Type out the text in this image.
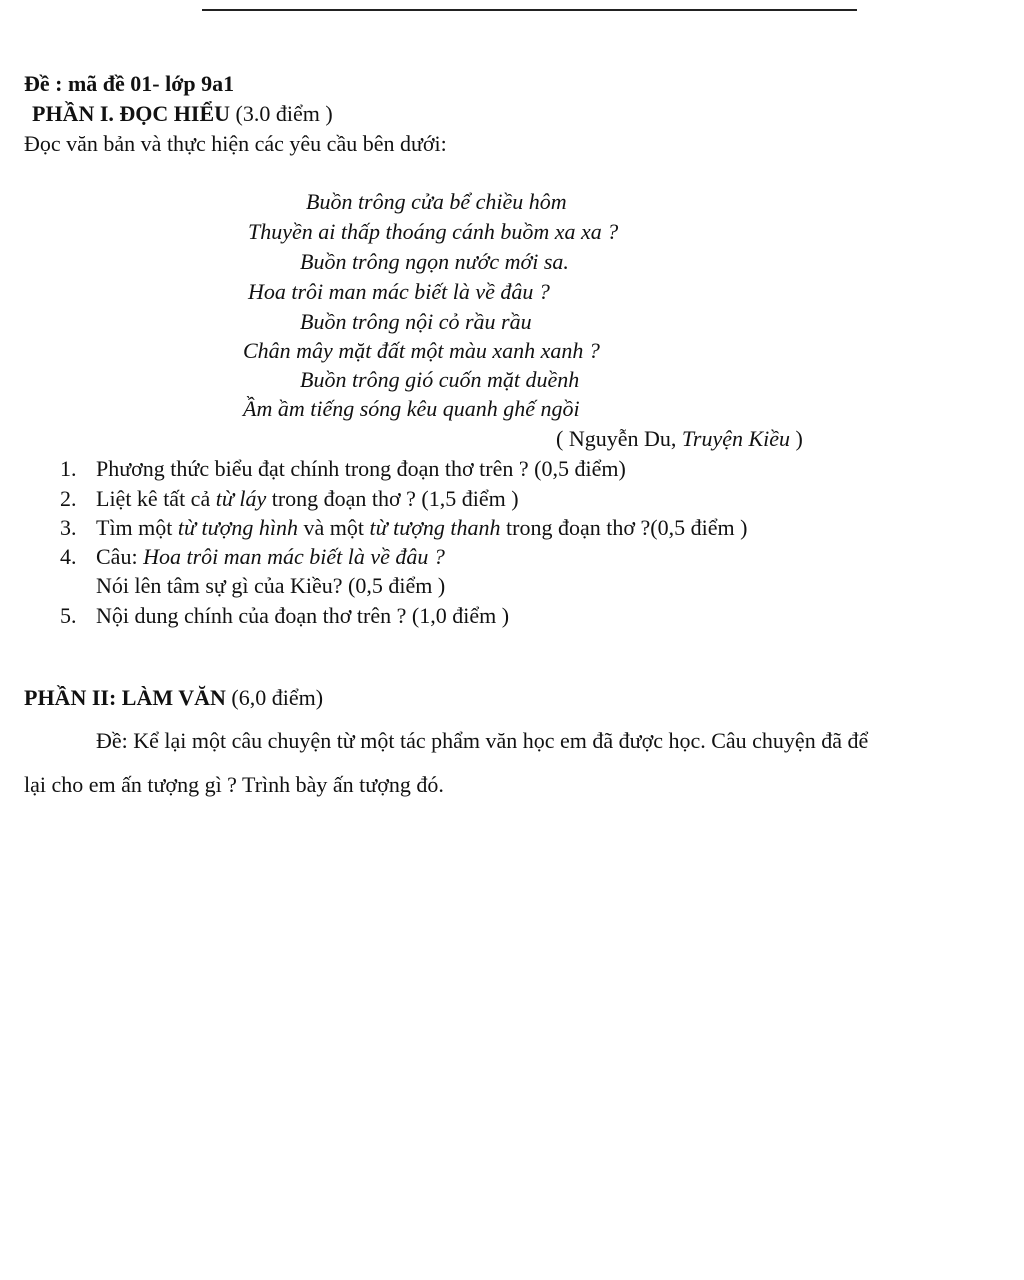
Đề : mã đề 01- lớp 9a1
PHẦN I. ĐỌC HIỂU (3.0 điểm )
Đọc văn bản và thực hiện các yêu cầu bên dưới:
Buồn trông cửa bể chiều hôm
Thuyền ai thấp thoáng cánh buồm xa xa ?
Buồn trông ngọn nước mới sa.
Hoa trôi man mác biết là về đâu ?
Buồn trông nội cỏ rầu rầu
Chân mây mặt đất một màu xanh xanh ?
Buồn trông gió cuốn mặt duềnh
Ầm ầm tiếng sóng kêu quanh ghế ngồi
( Nguyễn Du, Truyện Kiều )
1. Phương thức biểu đạt chính trong đoạn thơ trên ? (0,5 điểm)
2. Liệt kê tất cả từ láy trong đoạn thơ ? (1,5 điểm )
3. Tìm một từ tượng hình và một từ tượng thanh trong đoạn thơ ?(0,5 điểm )
4. Câu: Hoa trôi man mác biết là về đâu ?
Nói lên tâm sự gì của Kiều? (0,5 điểm )
5. Nội dung chính của đoạn thơ trên ? (1,0 điểm )
PHẦN II: LÀM VĂN (6,0 điểm)
Đề: Kể lại một câu chuyện từ một tác phẩm văn học em đã được học. Câu chuyện đã để
lại cho em ấn tượng gì ? Trình bày ấn tượng đó.
